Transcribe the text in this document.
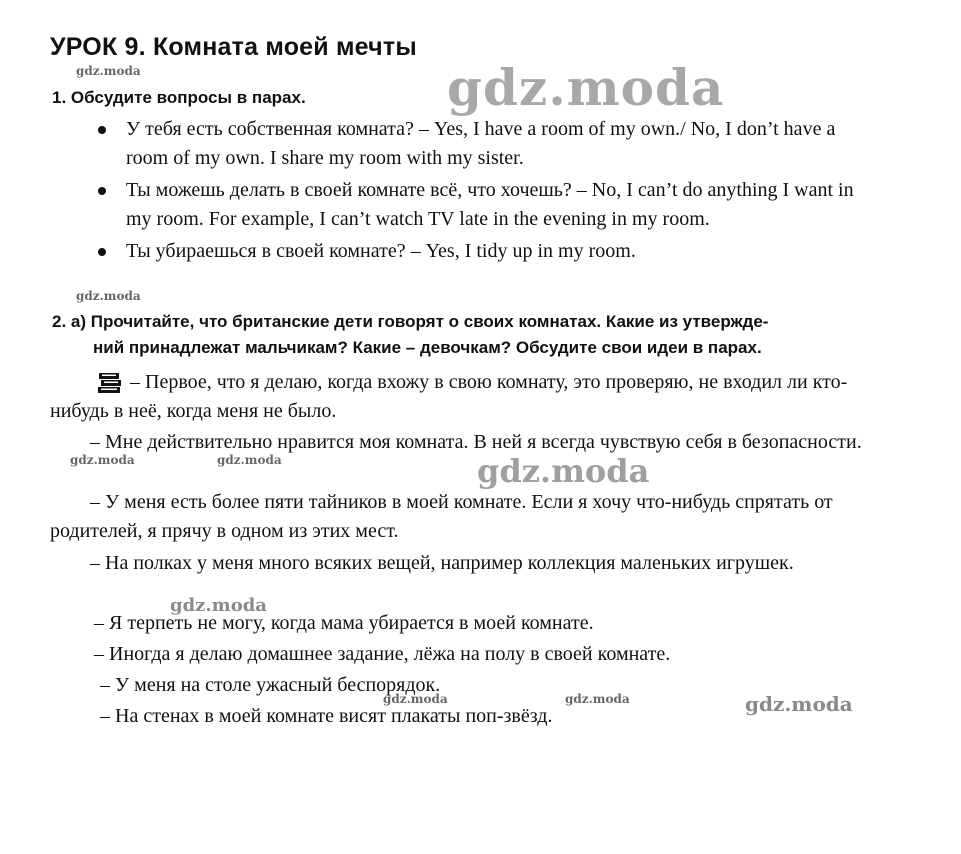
УРОК 9. Комната моей мечты
gdz.moda	gdz.moda
gdz.moda
gdz.moda	gdz.moda	gdz.moda
gdz.moda
gdz.moda	gdz.moda	gdz.moda
1. Обсудите вопросы в парах.
У тебя есть собственная комната? – Yes, I have a room of my own./ No, I don’t have a room of my own. I share my room with my sister.
Ты можешь делать в своей комнате всё, что хочешь? – No, I can’t do anything I want in my room. For example, I can’t watch TV late in the evening in my room.
Ты убираешься в своей комнате? – Yes, I tidy up in my room.
2. а) Прочитайте, что британские дети говорят о своих комнатах. Какие из утвержде-
ний принадлежат мальчикам? Какие – девочкам? Обсудите свои идеи в парах.
– Первое, что я делаю, когда вхожу в свою комнату, это проверяю, не входил ли кто-нибудь в неё, когда меня не было.
– Мне действительно нравится моя комната. В ней я всегда чувствую себя в безопасности.
– У меня есть более пяти тайников в моей комнате. Если я хочу что-нибудь спрятать от родителей, я прячу в одном из этих мест.
– На полках у меня много всяких вещей, например коллекция маленьких игрушек.
– Я терпеть не могу, когда мама убирается в моей комнате.
– Иногда я делаю домашнее задание, лёжа на полу в своей комнате.
– У меня на столе ужасный беспорядок.
– На стенах в моей комнате висят плакаты поп-звёзд.
